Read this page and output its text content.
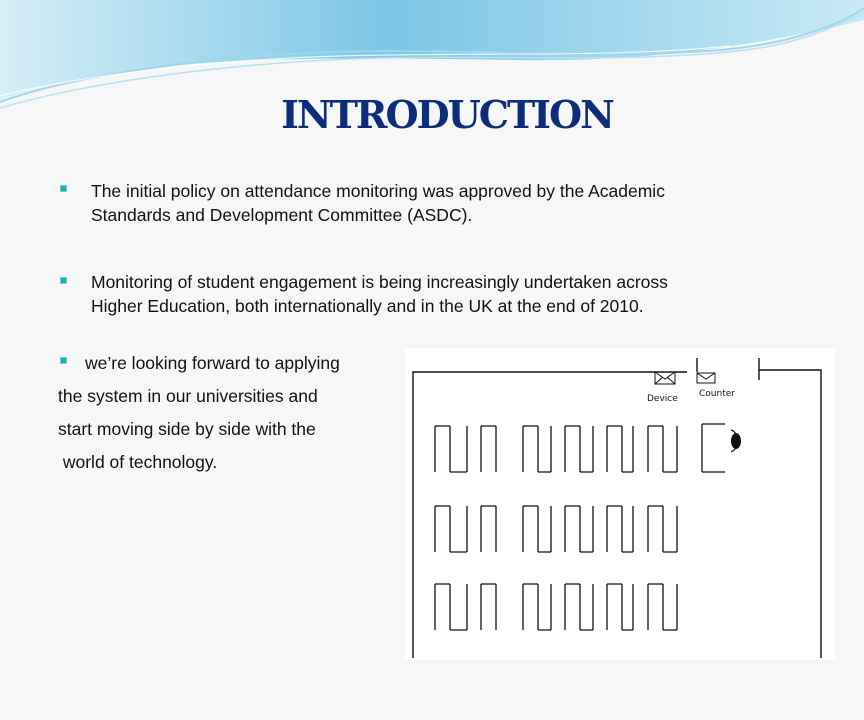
INTRODUCTION
The initial policy on attendance monitoring was approved by the Academic
Standards and Development Committee (ASDC).
Monitoring of student engagement is being increasingly undertaken across
Higher Education, both internationally and in the UK at the end of 2010.
we’re looking forward to applying
the system in our universities and
start moving side by side with the
world of technology.
Device Counter
